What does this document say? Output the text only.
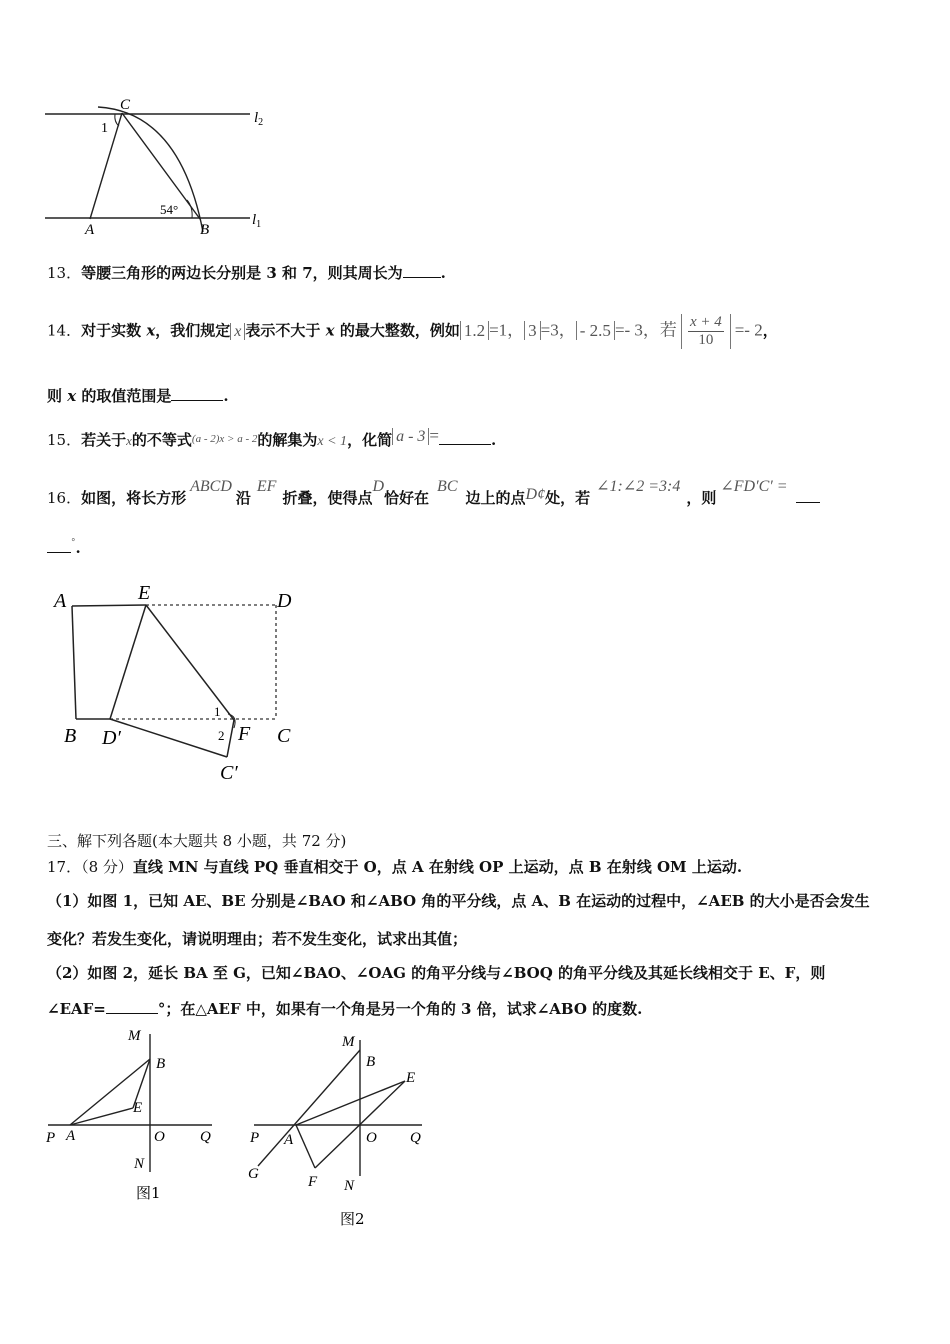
C
$l_2$
1
54°
A	B
$l_1$
13．等腰三角形的两边长分别是 3 和 7，则其周长为	.
14．对于实数 x，我们规定 x 表示不大于 x 的最大整数，例如 1.2 =1， 3 =3， - 2.5 =- 3，若 $\frac{x + 4}{10} =- 2$，
则 x 的取值范围是	.
15．若关于x的不等式$^{(a - 2)x > a - 2}$的解集为x < 1，化简 a - 3 =	.
16．如图，将长方形ABCD沿EF折叠，使得点D恰好在BC边上的点D¢处，若∠1:∠2 =3:4，则∠FD′C′ =
°.
A	E	D
B D′
1
2 F C
C′
三、解下列各题(本大题共 8 小题，共 72 分)
17．（8 分）直线 MN 与直线 PQ 垂直相交于 O，点 A 在射线 OP 上运动，点 B 在射线 OM 上运动.
（1）如图 1，已知 AE、BE 分别是∠BAO 和∠ABO 角的平分线，点 A、B 在运动的过程中，∠AEB 的大小是否会发生
变化？若发生变化，请说明理由；若不发生变化，试求出其值；
（2）如图 2，延长 BA 至 G，已知∠BAO、∠OAG 的角平分线与∠BOQ 的角平分线及其延长线相交于 E、F，则
∠EAF=	°；在△AEF 中，如果有一个角是另一个角的 3 倍，试求∠ABO 的度数.
M
B
E
P A	O Q
N
图1
M
B
E
P A	O Q
G	F N
图2
